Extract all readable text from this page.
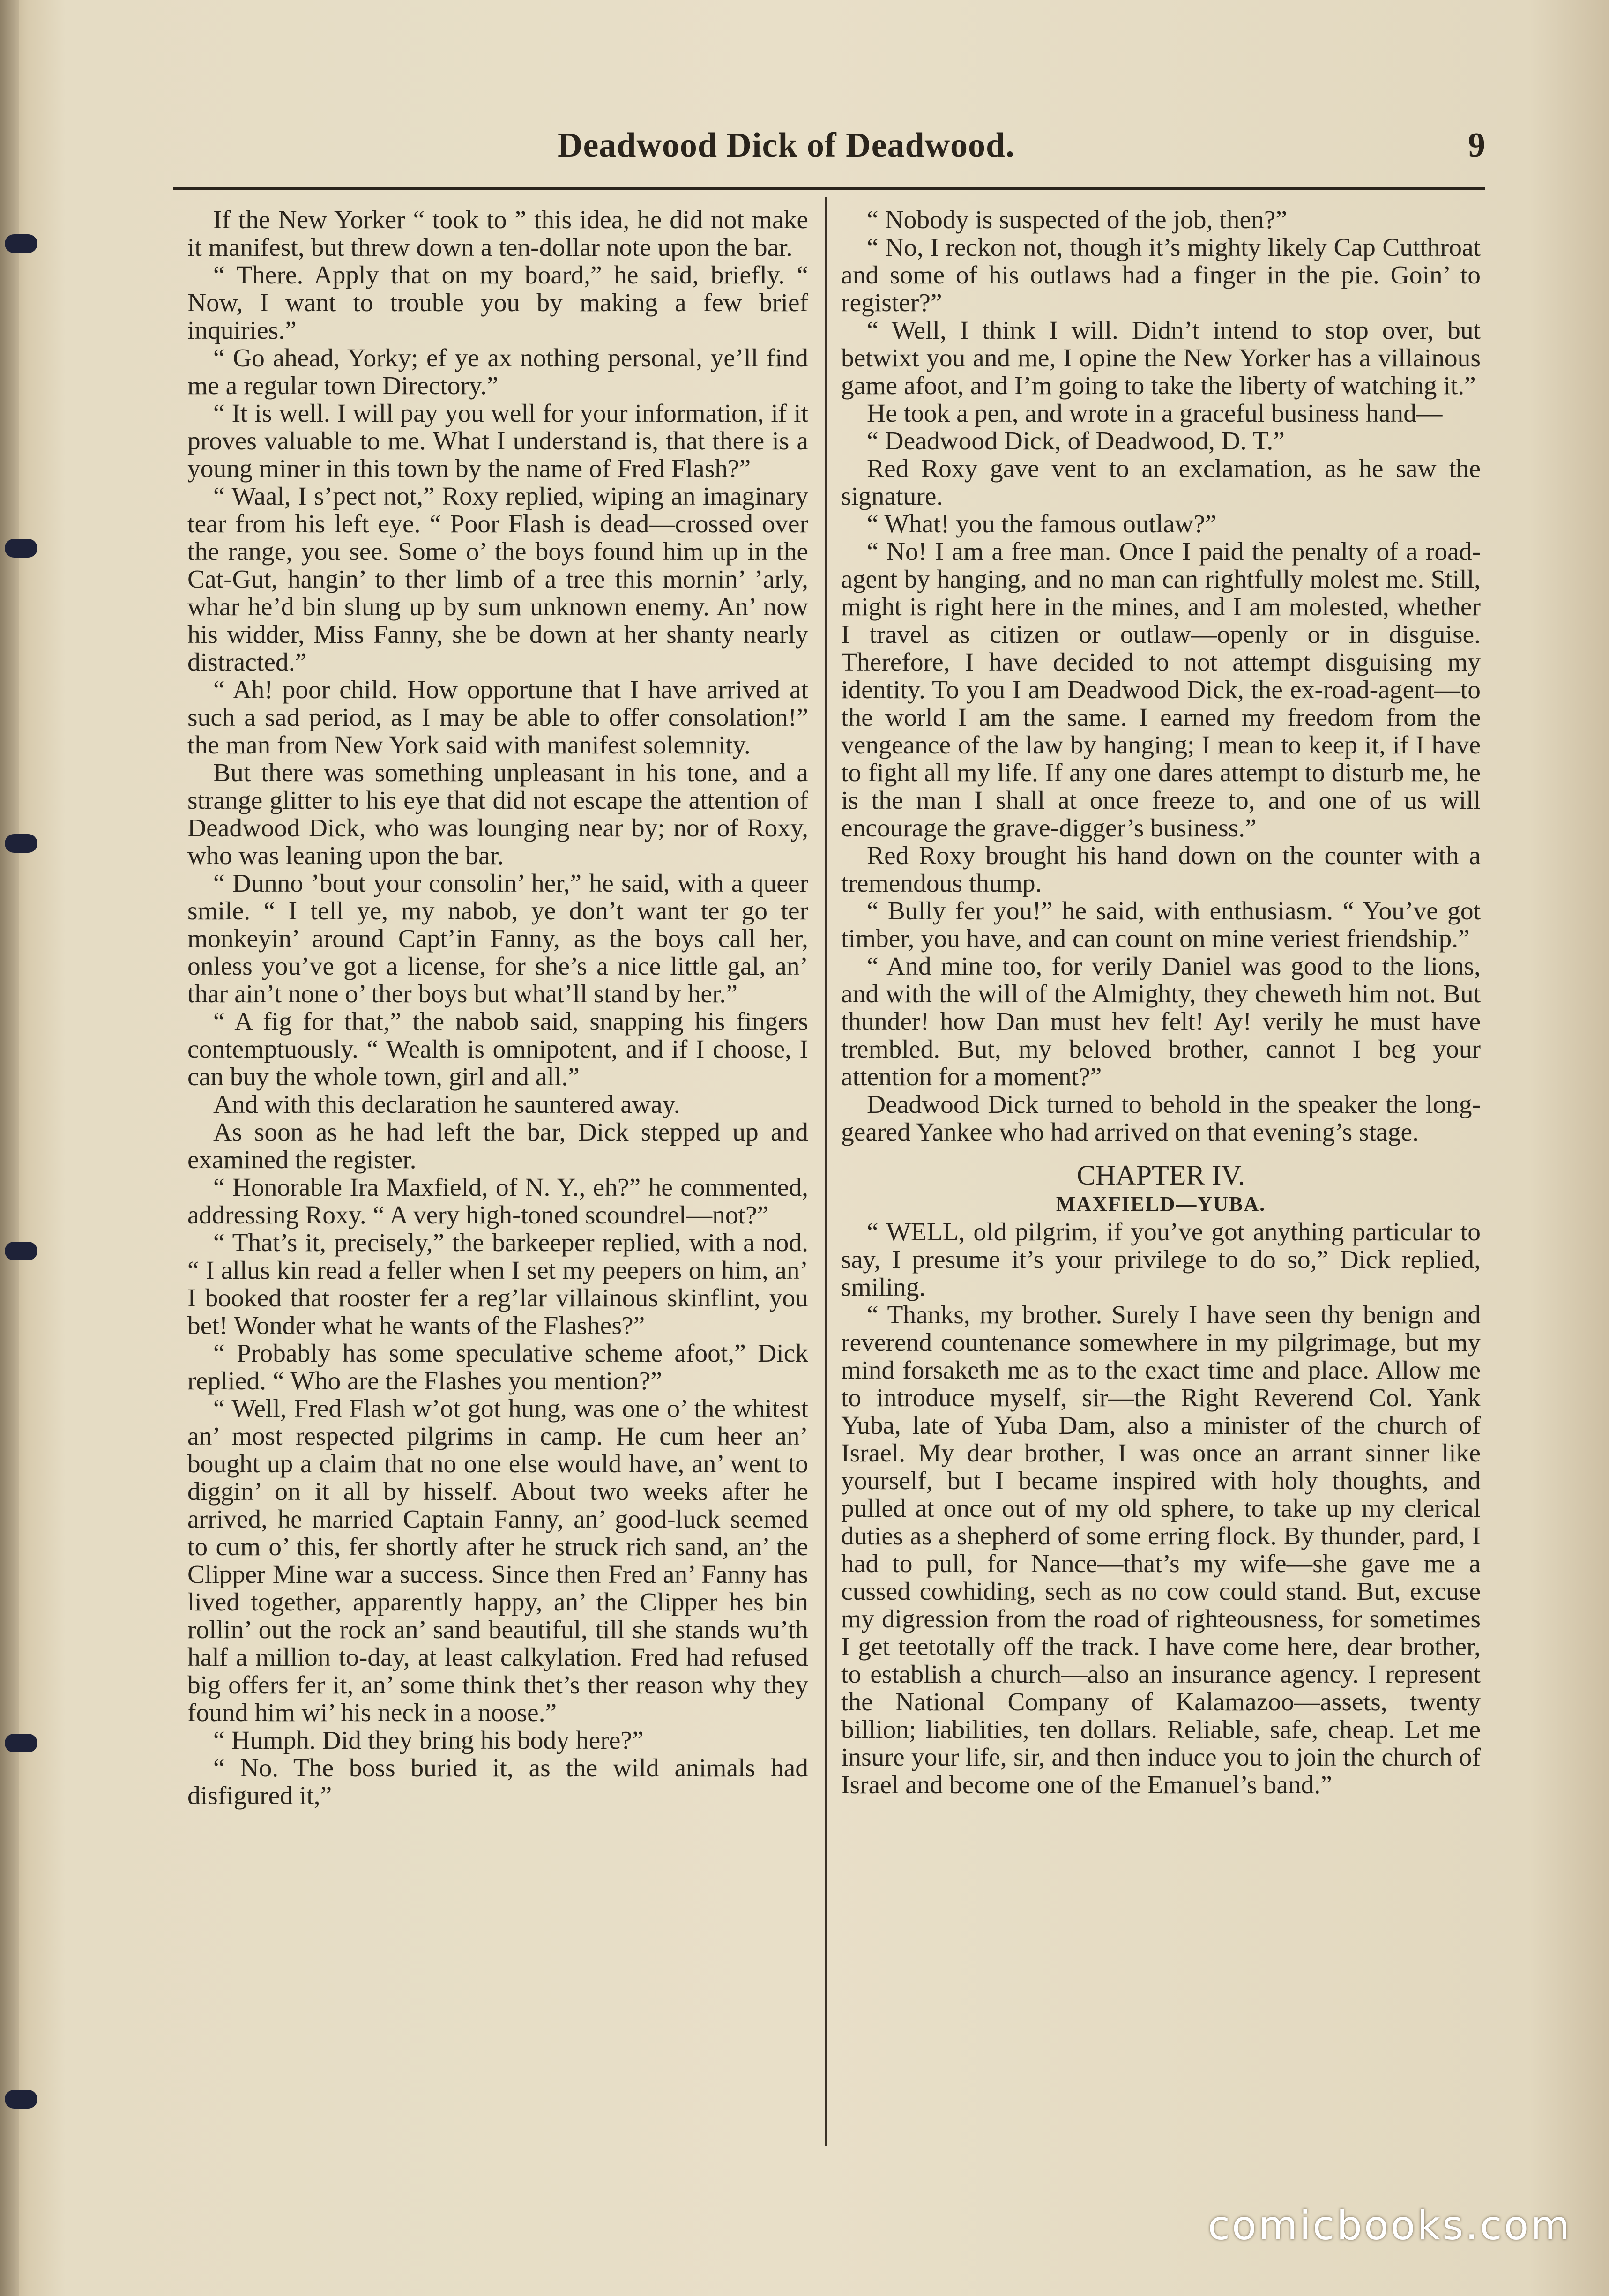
Deadwood Dick of Deadwood.	9

If the New Yorker “ took to ” this idea, he did not make it manifest, but threw down a ten-dollar note upon the bar.

“ There. Apply that on my board,” he said, briefly. “ Now, I want to trouble you by making a few brief inquiries.”

“ Go ahead, Yorky; ef ye ax nothing personal, ye’ll find me a regular town Directory.”

“ It is well. I will pay you well for your information, if it proves valuable to me. What I understand is, that there is a young miner in this town by the name of Fred Flash?”

“ Waal, I s’pect not,” Roxy replied, wiping an imaginary tear from his left eye. “ Poor Flash is dead—crossed over the range, you see. Some o’ the boys found him up in the Cat-Gut, hangin’ to ther limb of a tree this mornin’ ’arly, whar he’d bin slung up by sum unknown enemy. An’ now his widder, Miss Fanny, she be down at her shanty nearly distracted.”

“ Ah! poor child. How opportune that I have arrived at such a sad period, as I may be able to offer consolation!” the man from New York said with manifest solemnity.

But there was something unpleasant in his tone, and a strange glitter to his eye that did not escape the attention of Deadwood Dick, who was lounging near by; nor of Roxy, who was leaning upon the bar.

“ Dunno ’bout your consolin’ her,” he said, with a queer smile. “ I tell ye, my nabob, ye don’t want ter go ter monkeyin’ around Capt’in Fanny, as the boys call her, onless you’ve got a license, for she’s a nice little gal, an’ thar ain’t none o’ ther boys but what’ll stand by her.”

“ A fig for that,” the nabob said, snapping his fingers contemptuously. “ Wealth is omnipotent, and if I choose, I can buy the whole town, girl and all.”

And with this declaration he sauntered away.

As soon as he had left the bar, Dick stepped up and examined the register.

“ Honorable Ira Maxfield, of N. Y., eh?” he commented, addressing Roxy. “ A very high-toned scoundrel—not?”

“ That’s it, precisely,” the barkeeper replied, with a nod. “ I allus kin read a feller when I set my peepers on him, an’ I booked that rooster fer a reg’lar villainous skinflint, you bet! Wonder what he wants of the Flashes?”

“ Probably has some speculative scheme afoot,” Dick replied. “ Who are the Flashes you mention?”

“ Well, Fred Flash w’ot got hung, was one o’ the whitest an’ most respected pilgrims in camp. He cum heer an’ bought up a claim that no one else would have, an’ went to diggin’ on it all by hisself. About two weeks after he arrived, he married Captain Fanny, an’ good-luck seemed to cum o’ this, fer shortly after he struck rich sand, an’ the Clipper Mine war a success. Since then Fred an’ Fanny has lived together, apparently happy, an’ the Clipper hes bin rollin’ out the rock an’ sand beautiful, till she stands wu’th half a million to-day, at least calkylation. Fred had refused big offers fer it, an’ some think thet’s ther reason why they found him wi’ his neck in a noose.”

“ Humph. Did they bring his body here?”

“ No. The boss buried it, as the wild animals had disfigured it,”

“ Nobody is suspected of the job, then?”

“ No, I reckon not, though it’s mighty likely Cap Cutthroat and some of his outlaws had a finger in the pie. Goin’ to register?”

“ Well, I think I will. Didn’t intend to stop over, but betwixt you and me, I opine the New Yorker has a villainous game afoot, and I’m going to take the liberty of watching it.”

He took a pen, and wrote in a graceful business hand—

“ Deadwood Dick, of Deadwood, D. T.”

Red Roxy gave vent to an exclamation, as he saw the signature.

“ What! you the famous outlaw?”

“ No! I am a free man. Once I paid the penalty of a road-agent by hanging, and no man can rightfully molest me. Still, might is right here in the mines, and I am molested, whether I travel as citizen or outlaw—openly or in disguise. Therefore, I have decided to not attempt disguising my identity. To you I am Deadwood Dick, the ex-road-agent—to the world I am the same. I earned my freedom from the vengeance of the law by hanging; I mean to keep it, if I have to fight all my life. If any one dares attempt to disturb me, he is the man I shall at once freeze to, and one of us will encourage the grave-digger’s business.”

Red Roxy brought his hand down on the counter with a tremendous thump.

“ Bully fer you!” he said, with enthusiasm. “ You’ve got timber, you have, and can count on mine veriest friendship.”

“ And mine too, for verily Daniel was good to the lions, and with the will of the Almighty, they cheweth him not. But thunder! how Dan must hev felt! Ay! verily he must have trembled. But, my beloved brother, cannot I beg your attention for a moment?”

Deadwood Dick turned to behold in the speaker the long-geared Yankee who had arrived on that evening’s stage.

CHAPTER IV.
MAXFIELD—YUBA.

“ WELL, old pilgrim, if you’ve got anything particular to say, I presume it’s your privilege to do so,” Dick replied, smiling.

“ Thanks, my brother. Surely I have seen thy benign and reverend countenance somewhere in my pilgrimage, but my mind forsaketh me as to the exact time and place. Allow me to introduce myself, sir—the Right Reverend Col. Yank Yuba, late of Yuba Dam, also a minister of the church of Israel. My dear brother, I was once an arrant sinner like yourself, but I became inspired with holy thoughts, and pulled at once out of my old sphere, to take up my clerical duties as a shepherd of some erring flock. By thunder, pard, I had to pull, for Nance—that’s my wife—she gave me a cussed cowhiding, sech as no cow could stand. But, excuse my digression from the road of righteousness, for sometimes I get teetotally off the track. I have come here, dear brother, to establish a church—also an insurance agency. I represent the National Company of Kalamazoo—assets, twenty billion; liabilities, ten dollars. Reliable, safe, cheap. Let me insure your life, sir, and then induce you to join the church of Israel and become one of the Emanuel’s band.”

comicbooks.com
